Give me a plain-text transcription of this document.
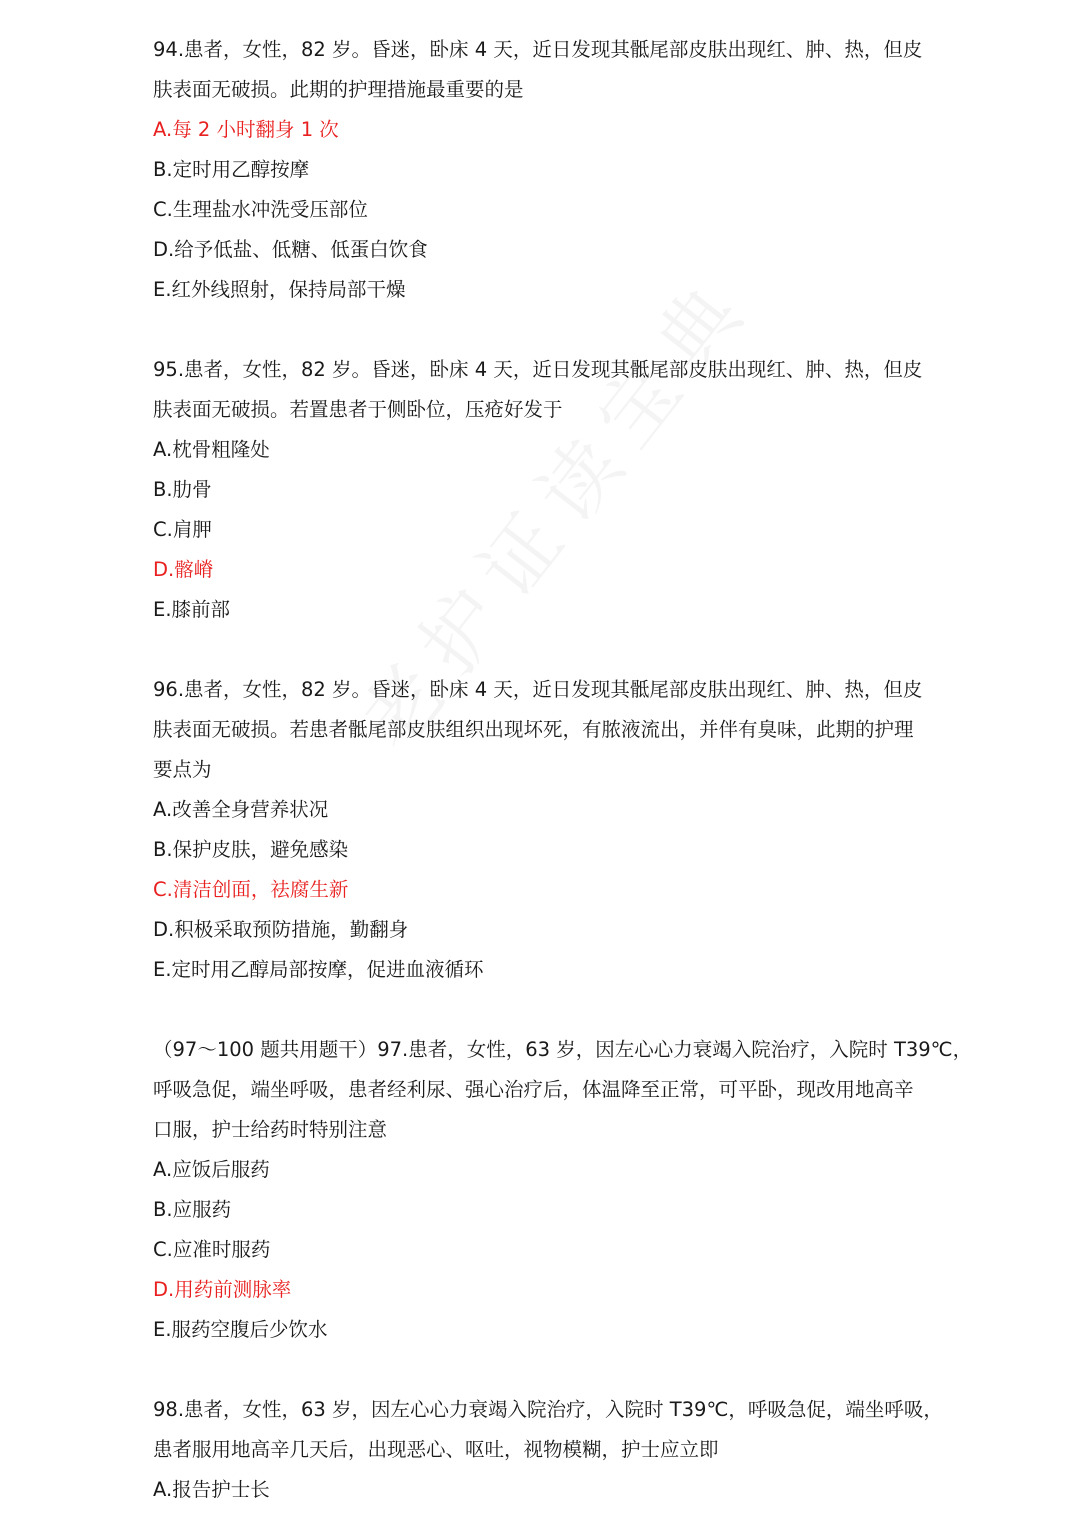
94.患者，女性，82 岁。昏迷，卧床 4 天，近日发现其骶尾部皮肤出现红、肿、热，但皮
肤表面无破损。此期的护理措施最重要的是
A.每 2 小时翻身 1 次
B.定时用乙醇按摩
C.生理盐水冲洗受压部位
D.给予低盐、低糖、低蛋白饮食
E.红外线照射，保持局部干燥
95.患者，女性，82 岁。昏迷，卧床 4 天，近日发现其骶尾部皮肤出现红、肿、热，但皮
肤表面无破损。若置患者于侧卧位，压疮好发于
A.枕骨粗隆处
B.肋骨
C.肩胛
D.髂嵴
E.膝前部
96.患者，女性，82 岁。昏迷，卧床 4 天，近日发现其骶尾部皮肤出现红、肿、热，但皮
肤表面无破损。若患者骶尾部皮肤组织出现坏死，有脓液流出，并伴有臭味，此期的护理
要点为
A.改善全身营养状况
B.保护皮肤，避免感染
C.清洁创面，祛腐生新
D.积极采取预防措施，勤翻身
E.定时用乙醇局部按摩，促进血液循环
（97～100 题共用题干）97.患者，女性，63 岁，因左心心力衰竭入院治疗，入院时 T39℃，
呼吸急促，端坐呼吸，患者经利尿、强心治疗后，体温降至正常，可平卧，现改用地高辛
口服，护士给药时特别注意
A.应饭后服药
B.应服药
C.应准时服药
D.用药前测脉率
E.服药空腹后少饮水
98.患者，女性，63 岁，因左心心力衰竭入院治疗，入院时 T39℃，呼吸急促，端坐呼吸，
患者服用地高辛几天后，出现恶心、呕吐，视物模糊，护士应立即
A.报告护士长
